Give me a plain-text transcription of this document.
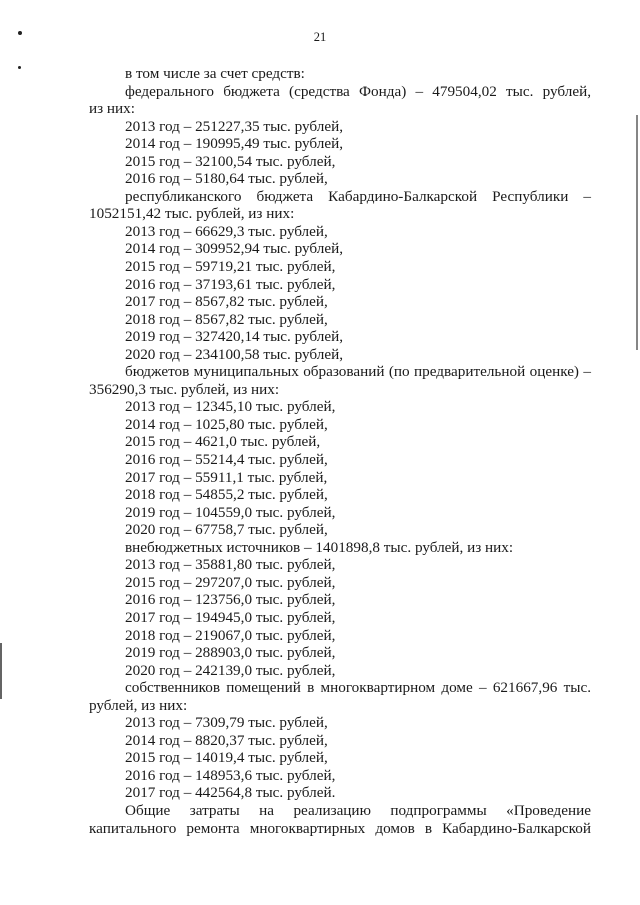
21
в том числе за счет средств:
федерального бюджета (средства Фонда) – 479504,02 тыс. рублей,
из них:
2013 год – 251227,35 тыс. рублей,
2014 год – 190995,49 тыс. рублей,
2015 год – 32100,54 тыс. рублей,
2016 год – 5180,64 тыс. рублей,
республиканского бюджета Кабардино-Балкарской Республики –
1052151,42 тыс. рублей, из них:
2013 год – 66629,3 тыс. рублей,
2014 год – 309952,94 тыс. рублей,
2015 год – 59719,21 тыс. рублей,
2016 год – 37193,61 тыс. рублей,
2017 год – 8567,82 тыс. рублей,
2018 год – 8567,82 тыс. рублей,
2019 год – 327420,14 тыс. рублей,
2020 год – 234100,58 тыс. рублей,
бюджетов муниципальных образований (по предварительной оценке) –
356290,3 тыс. рублей, из них:
2013 год – 12345,10 тыс. рублей,
2014 год – 1025,80 тыс. рублей,
2015 год – 4621,0 тыс. рублей,
2016 год – 55214,4 тыс. рублей,
2017 год – 55911,1 тыс. рублей,
2018 год – 54855,2 тыс. рублей,
2019 год – 104559,0 тыс. рублей,
2020 год – 67758,7 тыс. рублей,
внебюджетных источников – 1401898,8 тыс. рублей, из них:
2013 год – 35881,80 тыс. рублей,
2015 год – 297207,0 тыс. рублей,
2016 год – 123756,0 тыс. рублей,
2017 год – 194945,0 тыс. рублей,
2018 год – 219067,0 тыс. рублей,
2019 год – 288903,0 тыс. рублей,
2020 год – 242139,0 тыс. рублей,
собственников помещений в многоквартирном доме – 621667,96 тыс.
рублей, из них:
2013 год – 7309,79 тыс. рублей,
2014 год – 8820,37 тыс. рублей,
2015 год – 14019,4 тыс. рублей,
2016 год – 148953,6 тыс. рублей,
2017 год – 442564,8 тыс. рублей.
Общие затраты на реализацию подпрограммы «Проведение
капитального ремонта многоквартирных домов в Кабардино-Балкарской
